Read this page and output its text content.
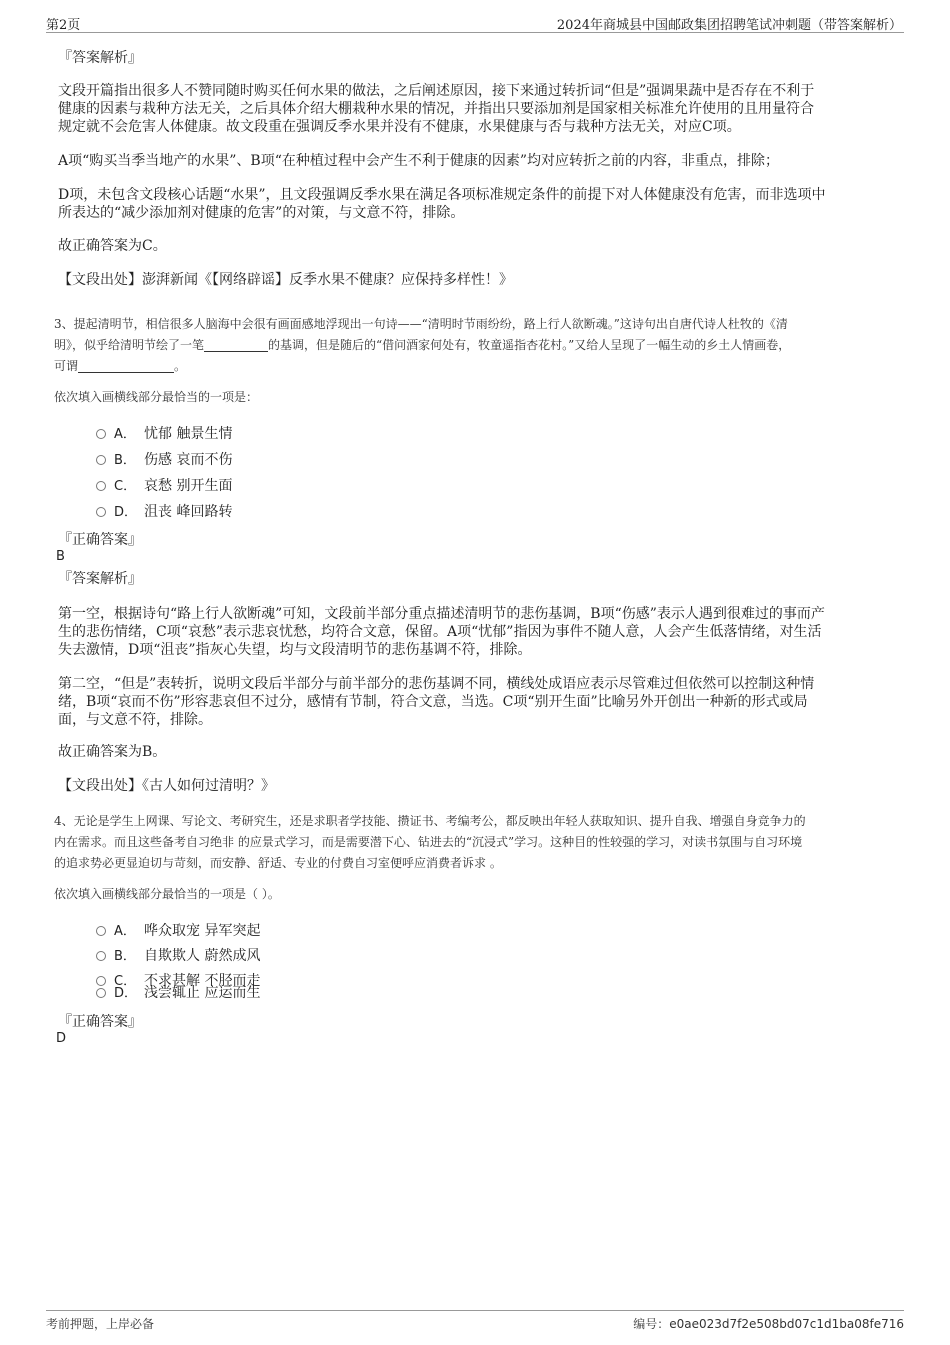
第2页	2024年商城县中国邮政集团招聘笔试冲刺题（带答案解析）
『答案解析』
文段开篇指出很多人不赞同随时购买任何水果的做法，之后阐述原因，接下来通过转折词“但是”强调果蔬中是否存在不利于
健康的因素与栽种方法无关，之后具体介绍大棚栽种水果的情况，并指出只要添加剂是国家相关标准允许使用的且用量符合
规定就不会危害人体健康。故文段重在强调反季水果并没有不健康，水果健康与否与栽种方法无关，对应C项。
A项“购买当季当地产的水果”、B项“在种植过程中会产生不利于健康的因素”均对应转折之前的内容，非重点，排除；
D项，未包含文段核心话题“水果”，且文段强调反季水果在满足各项标准规定条件的前提下对人体健康没有危害，而非选项中
所表达的“减少添加剂对健康的危害”的对策，与文意不符，排除。
故正确答案为C。
【文段出处】澎湃新闻《【网络辟谣】反季水果不健康？应保持多样性！》
3、提起清明节，相信很多人脑海中会很有画面感地浮现出一句诗——“清明时节雨纷纷，路上行人欲断魂。”这诗句出自唐代诗人杜牧的《清
明》，似乎给清明节绘了一笔	的基调，但是随后的“借问酒家何处有，牧童遥指杏花村。”又给人呈现了一幅生动的乡土人情画卷，
可谓	。
依次填入画横线部分最恰当的一项是：
A． 忧郁 触景生情
B． 伤感 哀而不伤
C． 哀愁 别开生面
D． 沮丧 峰回路转
『正确答案』
B
『答案解析』
第一空，根据诗句“路上行人欲断魂”可知，文段前半部分重点描述清明节的悲伤基调，B项“伤感”表示人遇到很难过的事而产
生的悲伤情绪，C项“哀愁”表示悲哀忧愁，均符合文意，保留。A项“忧郁”指因为事件不随人意，人会产生低落情绪，对生活
失去激情，D项“沮丧”指灰心失望，均与文段清明节的悲伤基调不符，排除。
第二空，“但是”表转折，说明文段后半部分与前半部分的悲伤基调不同，横线处成语应表示尽管难过但依然可以控制这种情
绪，B项“哀而不伤”形容悲哀但不过分，感情有节制，符合文意，当选。C项“别开生面”比喻另外开创出一种新的形式或局
面，与文意不符，排除。
故正确答案为B。
【文段出处】《古人如何过清明？》
4、无论是学生上网课、写论文、考研究生，还是求职者学技能、攒证书、考编考公，都反映出年轻人获取知识、提升自我、增强自身竞争力的
内在需求。而且这些备考自习绝非 的应景式学习，而是需要潜下心、钻进去的“沉浸式”学习。这种目的性较强的学习，对读书氛围与自习环境
的追求势必更显迫切与苛刻，而安静、舒适、专业的付费自习室便呼应消费者诉求 。
依次填入画横线部分最恰当的一项是（ ）。
A． 哗众取宠 异军突起
B． 自欺欺人 蔚然成风
C． 不求甚解 不胫而走
D． 浅尝辄止 应运而生
『正确答案』
D
考前押题，上岸必备	编号：e0ae023d7f2e508bd07c1d1ba08fe716
